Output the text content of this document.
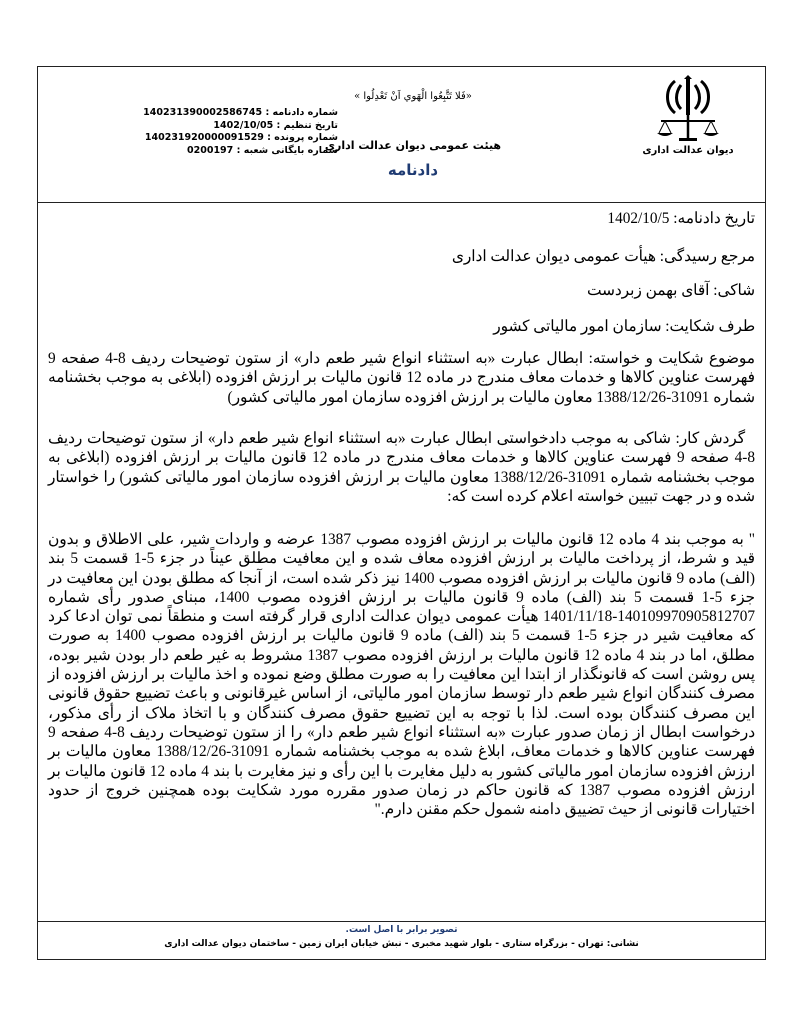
دیوان عدالت اداری
«فَلا تَتَّبِعُوا الْهَوي اَنْ تَعْدِلُوا »
هیئت عمومی دیوان عدالت اداری
دادنامه
شماره دادنامه : 140231390002586745
تاریخ تنظیم : 1402/10/05
شماره پرونده : 140231920000091529
شماره بایگانی شعبه : 0200197

تاریخ دادنامه: 1402/10/5

مرجع رسیدگی: هیأت عمومی دیوان عدالت اداری

شاکی: آقای بهمن زبردست

طرف شکایت: سازمان امور مالیاتی کشور

موضوع شکایت و خواسته: ابطال عبارت «به استثناء انواع شیر طعم دار» از ستون توضیحات ردیف 8-4 صفحه 9 فهرست عناوین کالاها و خدمات معاف مندرج در ماده 12 قانون مالیات بر ارزش افزوده (ابلاغی به موجب بخشنامه شماره 31091-1388/12/26 معاون مالیات بر ارزش افزوده سازمان امور مالیاتی کشور)

گردش کار: شاکی به موجب دادخواستی ابطال عبارت «به استثناء انواع شیر طعم دار» از ستون توضیحات ردیف 8-4 صفحه 9 فهرست عناوین کالاها و خدمات معاف مندرج در ماده 12 قانون مالیات بر ارزش افزوده (ابلاغی به موجب بخشنامه شماره 31091-1388/12/26 معاون مالیات بر ارزش افزوده سازمان امور مالیاتی کشور) را خواستار شده و در جهت تبیین خواسته اعلام کرده است که:

" به موجب بند 4 ماده 12 قانون مالیات بر ارزش افزوده مصوب 1387 عرضه و واردات شیر، علی الاطلاق و بدون قید و شرط، از پرداخت مالیات بر ارزش افزوده معاف شده و این معافیت مطلق عیناً در جزء 5-1 قسمت 5 بند (الف) ماده 9 قانون مالیات بر ارزش افزوده مصوب 1400 نیز ذکر شده است، از آنجا که مطلق بودن این معافیت در جزء 5-1 قسمت 5 بند (الف) ماده 9 قانون مالیات بر ارزش افزوده مصوب 1400، مبنای صدور رأی شماره 140109970905812707-1401/11/18 هیأت عمومی دیوان عدالت اداری قرار گرفته است و منطقاً نمی توان ادعا کرد که معافیت شیر در جزء 5-1 قسمت 5 بند (الف) ماده 9 قانون مالیات بر ارزش افزوده مصوب 1400 به صورت مطلق، اما در بند 4 ماده 12 قانون مالیات بر ارزش افزوده مصوب 1387 مشروط به غیر طعم دار بودن شیر بوده، پس روشن است که قانونگذار از ابتدا این معافیت را به صورت مطلق وضع نموده و اخذ مالیات بر ارزش افزوده از مصرف کنندگان انواع شیر طعم دار توسط سازمان امور مالیاتی، از اساس غیرقانونی و باعث تضییع حقوق قانونی این مصرف کنندگان بوده است. لذا با توجه به این تضییع حقوق مصرف کنندگان و با اتخاذ ملاک از رأی مذکور، درخواست ابطال از زمان صدور عبارت «به استثناء انواع شیر طعم دار» را از ستون توضیحات ردیف 8-4 صفحه 9 فهرست عناوین کالاها و خدمات معاف، ابلاغ شده به موجب بخشنامه شماره 31091-1388/12/26 معاون مالیات بر ارزش افزوده سازمان امور مالیاتی کشور به دلیل مغایرت با این رأی و نیز مغایرت با بند 4 ماده 12 قانون مالیات بر ارزش افزوده مصوب 1387 که قانون حاکم در زمان صدور مقرره مورد شکایت بوده همچنین خروج از حدود اختیارات قانونی از حیث تضییق دامنه شمول حکم مقنن دارم."

تصویر برابر با اصل است.
نشانی: تهران - بزرگراه ستاری - بلوار شهید مخبری - نبش خیابان ایران زمین - ساختمان دیوان عدالت اداری
